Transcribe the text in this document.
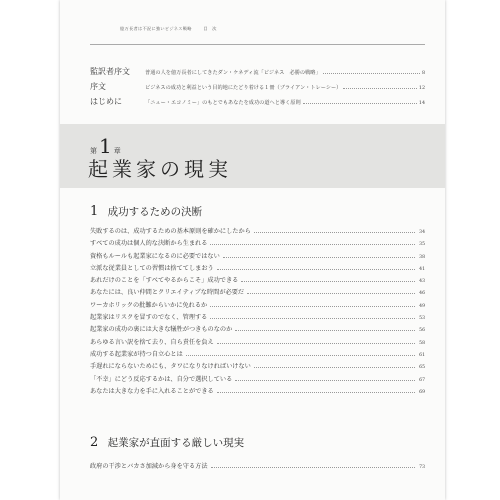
億万長者は不況に強いビジネス戦略	目　次
監訳者序文	普通の人を億万長者にしてきたダン・ケネディ流「ビジネス　必勝の戦略」	8
序文	ビジネスの成功と利益という目的地にたどり着ける１冊（ブライアン・トレーシー）	12
はじめに	「ニュー・エコノミー」のもとでもあなたを成功の道へと導く原則	14
第 1 章
起業家の現実
1 成功するための決断
失敗するのは、成功するための基本原則を確かにしたから	34
すべての成功は個人的な決断から生まれる	35
資格もルールも起業家になるのに必要ではない	38
立派な従業員としての習慣は捨ててしまおう	41
あれだけのことを「すべてやるからこそ」成功できる	43
あなたには、良い仲間とクリエイティブな時間が必要だ	46
ワーカホリックの批難からいかに免れるか	49
起業家はリスクを冒すのでなく、管理する	53
起業家の成功の裏には大きな犠牲がつきものなのか	56
あらゆる言い訳を捨て去り、自ら責任を負え	58
成功する起業家が持つ自立心とは	61
手遅れにならないためにも、タワになりなければいけない	65
「不幸」にどう反応するかは、自分で選択している	67
あなたは大きな力を手に入れることができる	69
2 起業家が直面する厳しい現実
政府の干渉とバカさ加減から身を守る方法	73
